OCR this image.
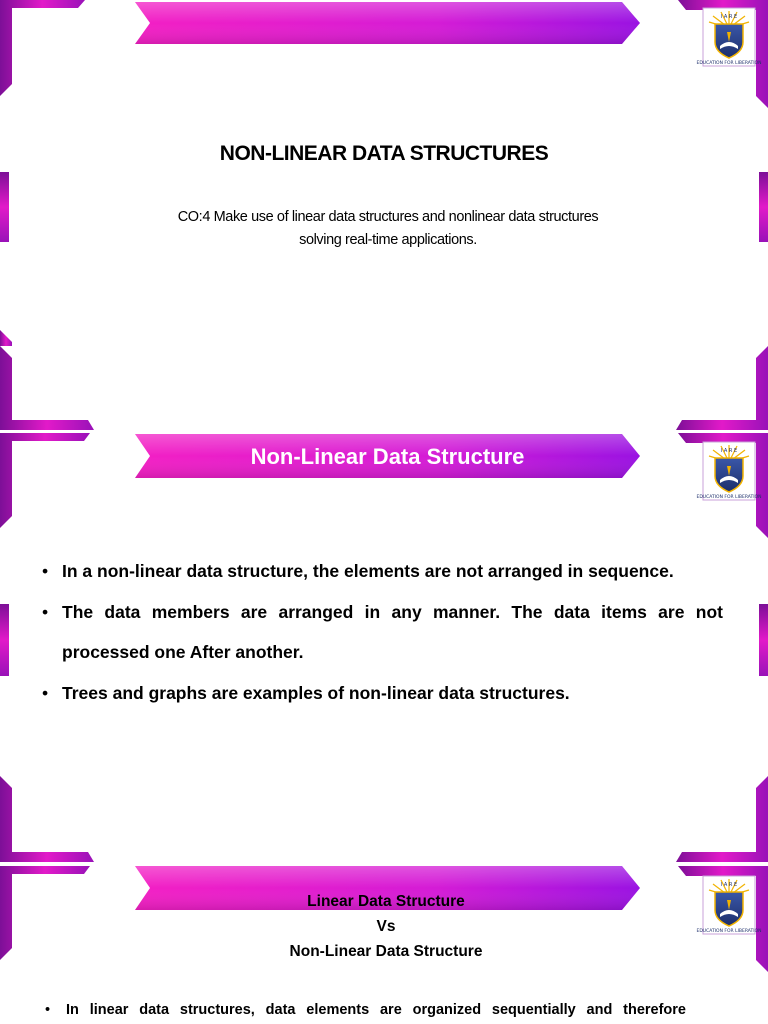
EDUCATION FOR LIBERATION
I A R E
NON-LINEAR DATA STRUCTURES
CO:4 Make use of linear data structures and nonlinear data structures
solving real-time applications.
Non-Linear Data Structure
EDUCATION FOR LIBERATION
I A R E
• In a non-linear data structure, the elements are not arranged in sequence.
• The data members are arranged in any manner. The data items are not processed one After another.
• Trees and graphs are examples of non-linear data structures.
EDUCATION FOR LIBERATION
I A R E
Linear Data Structure
Vs
Non-Linear Data Structure
• In linear data structures, data elements are organized sequentially and therefore
